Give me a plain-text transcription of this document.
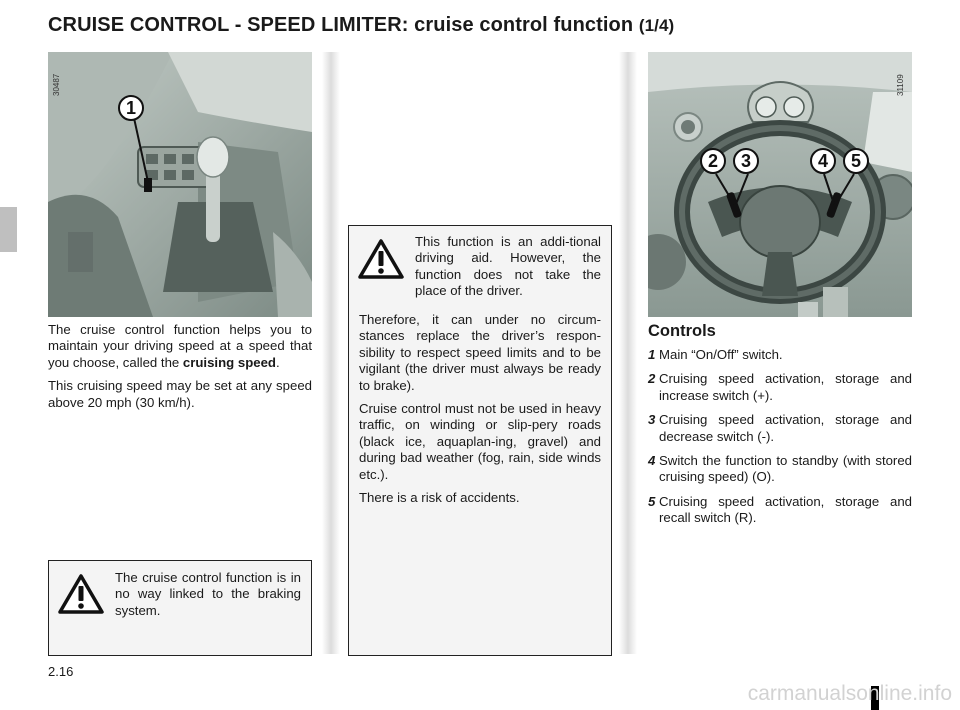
CRUISE CONTROL - SPEED LIMITER: cruise control function (1/4)
30487
1

The cruise control function helps you to maintain your driving speed at a speed that you choose, called the cruising speed.

This cruising speed may be set at any speed above 20 mph (30 km/h).

The cruise control function is in no way linked to the braking system.
This function is an addi-tional driving aid. However, the function does not take the place of the driver.

Therefore, it can under no circum-stances replace the driver’s respon-sibility to respect speed limits and to be vigilant (the driver must always be ready to brake).

Cruise control must not be used in heavy traffic, on winding or slip-pery roads (black ice, aquaplan-ing, gravel) and during bad weather (fog, rain, side winds etc.).

There is a risk of accidents.

31109
2	3	4	5
Controls
1 Main “On/Off” switch.
2 Cruising speed activation, storage and increase switch (+).
3 Cruising speed activation, storage and decrease switch (-).
4 Switch the function to standby (with stored cruising speed) (O).
5 Cruising speed activation, storage and recall switch (R).
2.16
carmanualsonline.info
